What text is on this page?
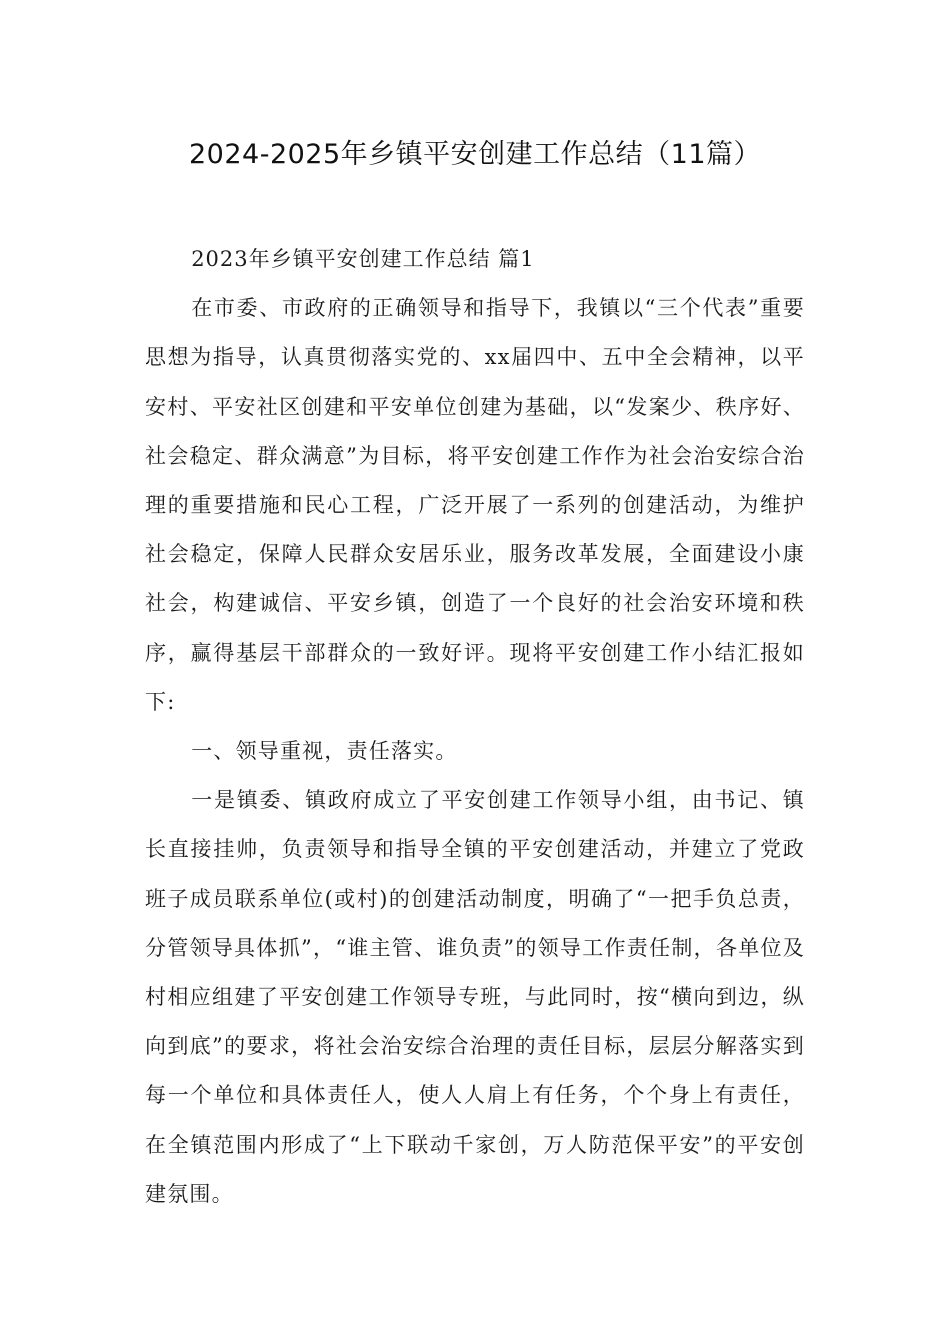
2024-2025年乡镇平安创建工作总结（11篇）

2023年乡镇平安创建工作总结 篇1

在市委、市政府的正确领导和指导下，我镇以“三个代表”重要思想为指导，认真贯彻落实党的、xx届四中、五中全会精神，以平安村、平安社区创建和平安单位创建为基础，以“发案少、秩序好、社会稳定、群众满意”为目标，将平安创建工作作为社会治安综合治理的重要措施和民心工程，广泛开展了一系列的创建活动，为维护社会稳定，保障人民群众安居乐业，服务改革发展，全面建设小康社会，构建诚信、平安乡镇，创造了一个良好的社会治安环境和秩序，赢得基层干部群众的一致好评。现将平安创建工作小结汇报如下:

一、领导重视，责任落实。

一是镇委、镇政府成立了平安创建工作领导小组，由书记、镇长直接挂帅，负责领导和指导全镇的平安创建活动，并建立了党政班子成员联系单位(或村)的创建活动制度，明确了“一把手负总责，分管领导具体抓”，“谁主管、谁负责”的领导工作责任制，各单位及村相应组建了平安创建工作领导专班，与此同时，按“横向到边，纵向到底”的要求，将社会治安综合治理的责任目标，层层分解落实到每一个单位和具体责任人，使人人肩上有任务，个个身上有责任，在全镇范围内形成了“上下联动千家创，万人防范保平安”的平安创建氛围。
